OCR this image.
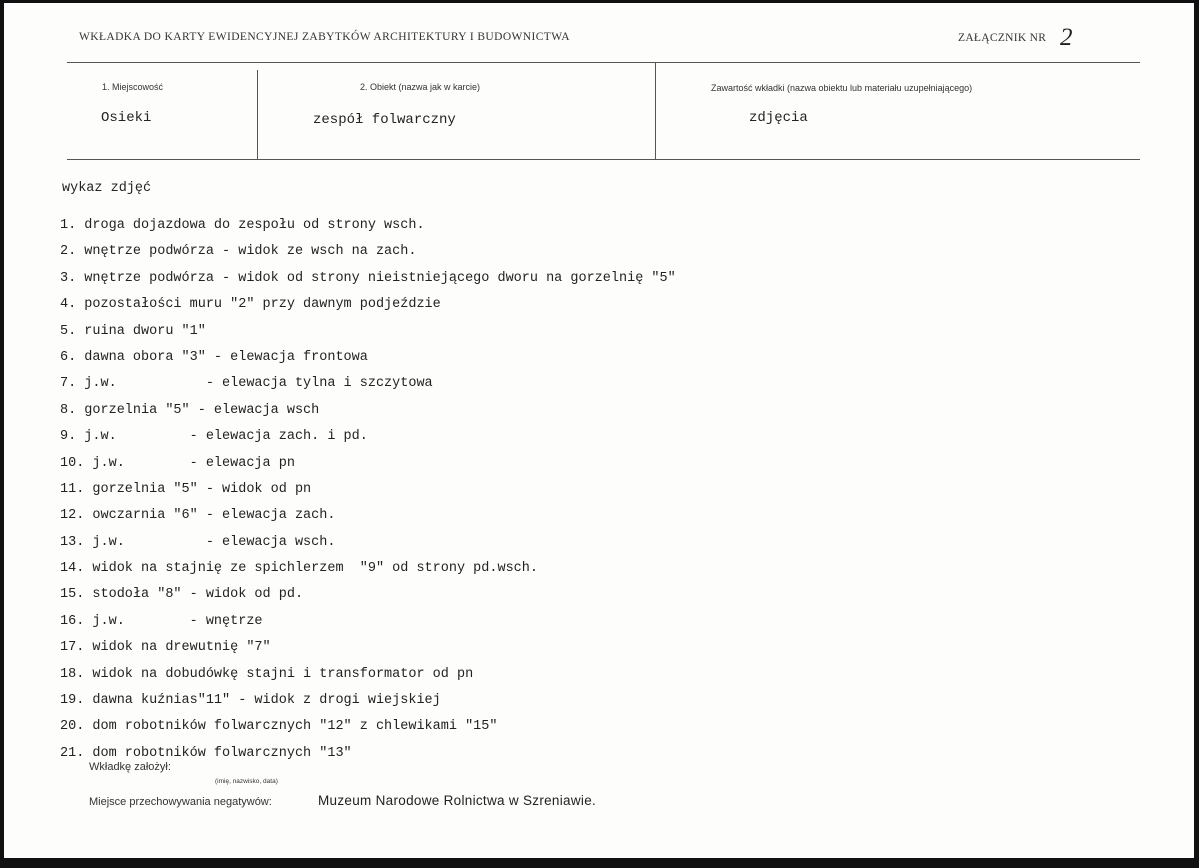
WKŁADKA DO KARTY EWIDENCYJNEJ ZABYTKÓW ARCHITEKTURY I BUDOWNICTWA	ZAŁĄCZNIK NR 2
1. Miejscowość
Osieki
2. Obiekt (nazwa jak w karcie)
zespół folwarczny
Zawartość wkładki (nazwa obiektu lub materiału uzupełniającego)
zdjęcia
wykaz zdjęć
1. droga dojazdowa do zespołu od strony wsch.
2. wnętrze podwórza - widok ze wsch na zach.
3. wnętrze podwórza - widok od strony nieistniejącego dworu na gorzelnię "5"
4. pozostałości muru "2" przy dawnym podjeździe
5. ruina dworu "1"
6. dawna obora "3" - elewacja frontowa
7. j.w.           - elewacja tylna i szczytowa
8. gorzelnia "5" - elewacja wsch
9. j.w.         - elewacja zach. i pd.
10. j.w.        - elewacja pn
11. gorzelnia "5" - widok od pn
12. owczarnia "6" - elewacja zach.
13. j.w.          - elewacja wsch.
14. widok na stajnię ze spichlerzem  "9" od strony pd.wsch.
15. stodoła "8" - widok od pd.
16. j.w.        - wnętrze
17. widok na drewutnię "7"
18. widok na dobudówkę stajni i transformator od pn
19. dawna kuźnias"11" - widok z drogi wiejskiej
20. dom robotników folwarcznych "12" z chlewikami "15"
21. dom robotników folwarcznych "13"
Wkładkę założył:
(imię, nazwisko, data)
Miejsce przechowywania negatywów:	Muzeum Narodowe Rolnictwa w Szreniawie.
